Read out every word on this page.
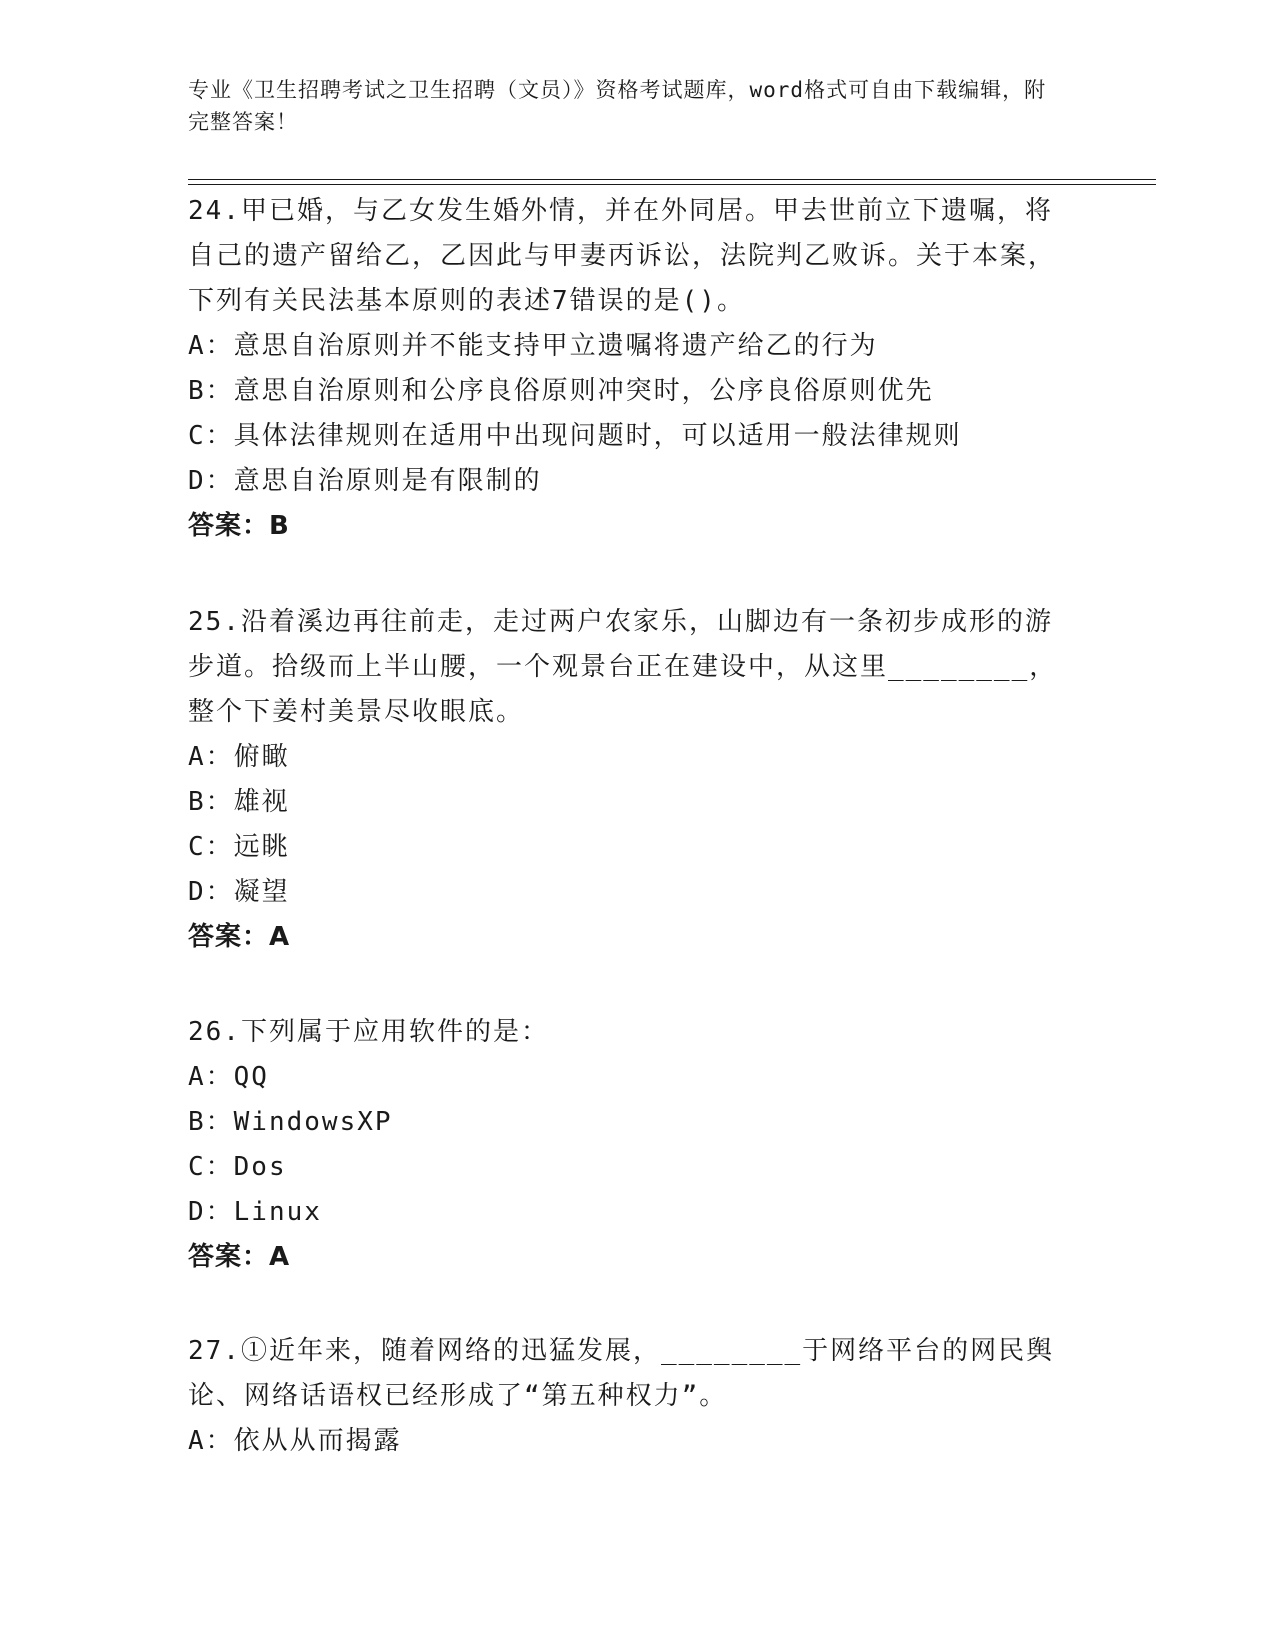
专业《卫生招聘考试之卫生招聘（文员）》资格考试题库，word格式可自由下载编辑，附完整答案！

24.甲已婚，与乙女发生婚外情，并在外同居。甲去世前立下遗嘱，将自己的遗产留给乙，乙因此与甲妻丙诉讼，法院判乙败诉。关于本案，下列有关民法基本原则的表述7错误的是()。

A：意思自治原则并不能支持甲立遗嘱将遗产给乙的行为

B：意思自治原则和公序良俗原则冲突时，公序良俗原则优先

C：具体法律规则在适用中出现问题时，可以适用一般法律规则

D：意思自治原则是有限制的

答案：B

25.沿着溪边再往前走，走过两户农家乐，山脚边有一条初步成形的游步道。拾级而上半山腰，一个观景台正在建设中，从这里________，整个下姜村美景尽收眼底。

A：俯瞰

B：雄视

C：远眺

D：凝望

答案：A

26.下列属于应用软件的是：

A：QQ

B：WindowsXP

C：Dos

D：Linux

答案：A

27.①近年来，随着网络的迅猛发展，________于网络平台的网民舆论、网络话语权已经形成了“第五种权力”。

A：依从从而揭露
